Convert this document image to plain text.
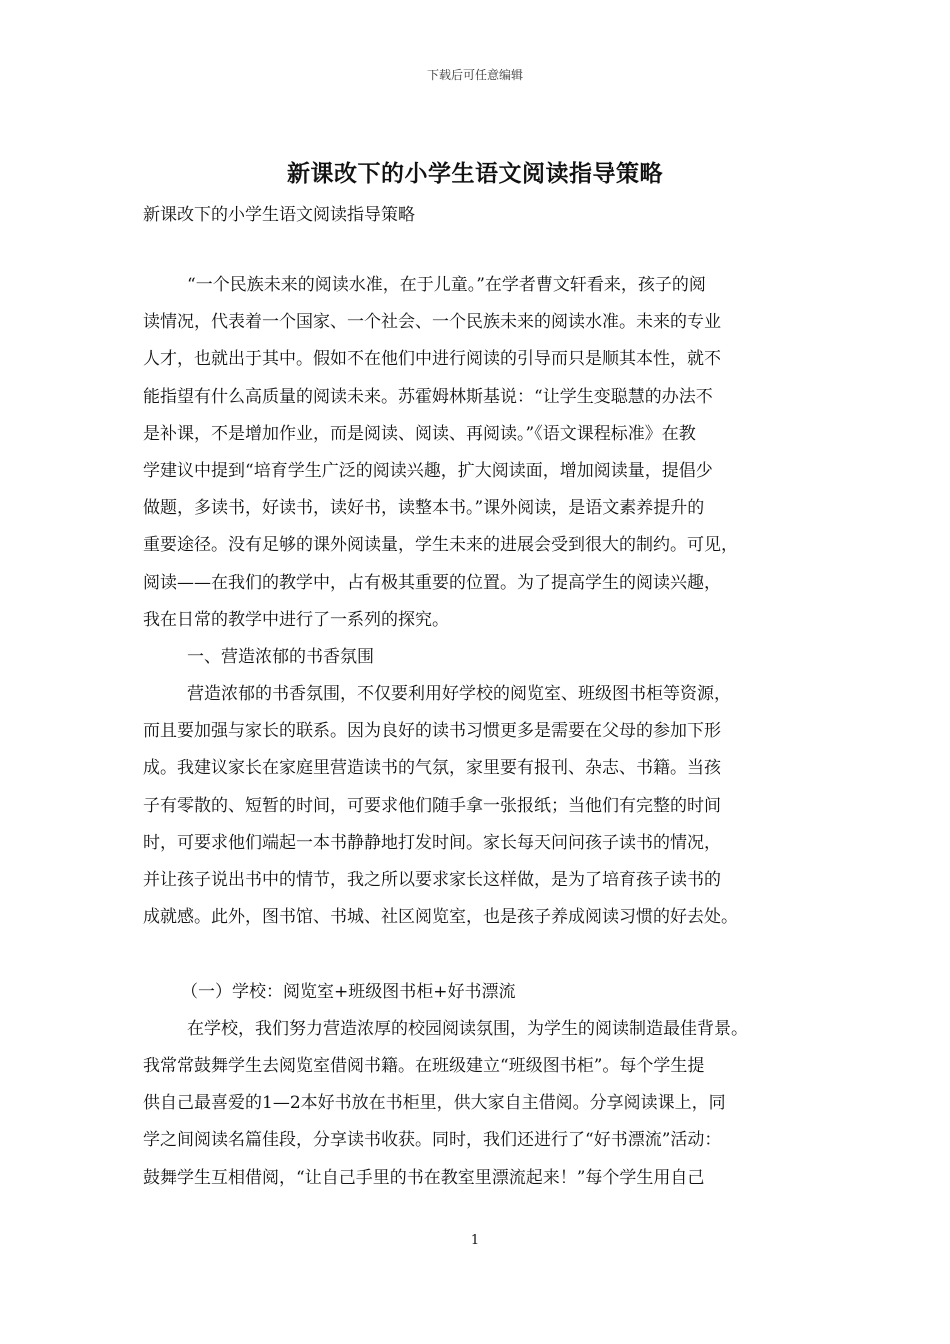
下载后可任意编辑
新课改下的小学生语文阅读指导策略
新课改下的小学生语文阅读指导策略
“一个民族未来的阅读水准，在于儿童。”在学者曹文轩看来，孩子的阅
读情况，代表着一个国家、一个社会、一个民族未来的阅读水准。未来的专业
人才，也就出于其中。假如不在他们中进行阅读的引导而只是顺其本性，就不
能指望有什么高质量的阅读未来。苏霍姆林斯基说：“让学生变聪慧的办法不
是补课，不是增加作业，而是阅读、阅读、再阅读。”《语文课程标准》在教
学建议中提到“培育学生广泛的阅读兴趣，扩大阅读面，增加阅读量，提倡少
做题，多读书，好读书，读好书，读整本书。”课外阅读，是语文素养提升的
重要途径。没有足够的课外阅读量，学生未来的进展会受到很大的制约。可见，
阅读——在我们的教学中，占有极其重要的位置。为了提高学生的阅读兴趣，
我在日常的教学中进行了一系列的探究。
一、营造浓郁的书香氛围
营造浓郁的书香氛围，不仅要利用好学校的阅览室、班级图书柜等资源，
而且要加强与家长的联系。因为良好的读书习惯更多是需要在父母的参加下形
成。我建议家长在家庭里营造读书的气氛，家里要有报刊、杂志、书籍。当孩
子有零散的、短暂的时间，可要求他们随手拿一张报纸；当他们有完整的时间
时，可要求他们端起一本书静静地打发时间。家长每天问问孩子读书的情况，
并让孩子说出书中的情节，我之所以要求家长这样做，是为了培育孩子读书的
成就感。此外，图书馆、书城、社区阅览室，也是孩子养成阅读习惯的好去处。
（一）学校：阅览室+班级图书柜+好书漂流
在学校，我们努力营造浓厚的校园阅读氛围，为学生的阅读制造最佳背景。
我常常鼓舞学生去阅览室借阅书籍。在班级建立“班级图书柜”。每个学生提
供自己最喜爱的1—2本好书放在书柜里，供大家自主借阅。分享阅读课上，同
学之间阅读名篇佳段，分享读书收获。同时，我们还进行了“好书漂流”活动：
鼓舞学生互相借阅，“让自己手里的书在教室里漂流起来！”每个学生用自己
1
